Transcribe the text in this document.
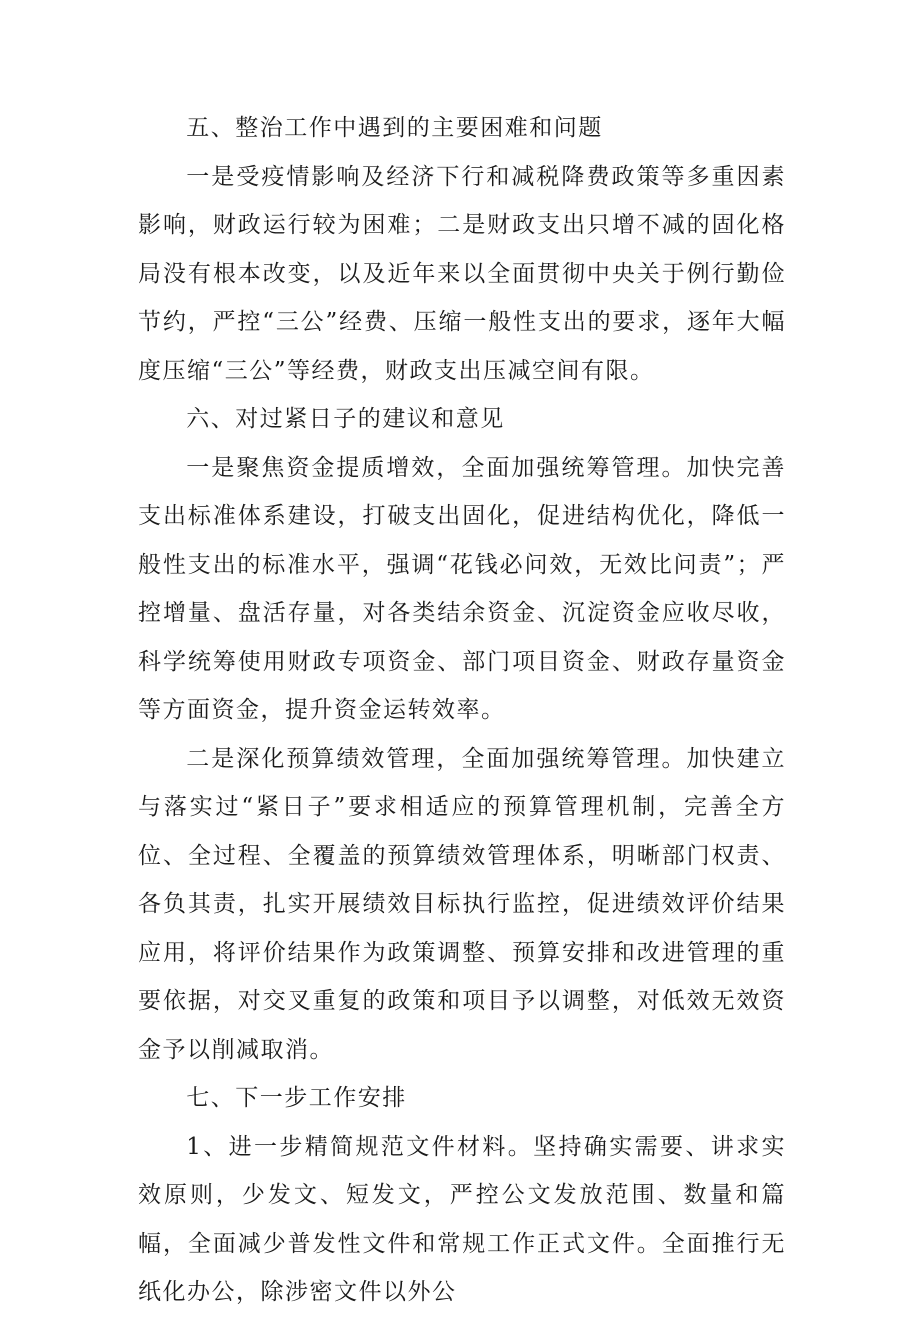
五、整治工作中遇到的主要困难和问题

一是受疫情影响及经济下行和减税降费政策等多重因素影响，财政运行较为困难；二是财政支出只增不减的固化格局没有根本改变，以及近年来以全面贯彻中央关于例行勤俭节约，严控“三公”经费、压缩一般性支出的要求，逐年大幅度压缩“三公”等经费，财政支出压减空间有限。

六、对过紧日子的建议和意见

一是聚焦资金提质增效，全面加强统筹管理。加快完善支出标准体系建设，打破支出固化，促进结构优化，降低一般性支出的标准水平，强调“花钱必问效，无效比问责”；严控增量、盘活存量，对各类结余资金、沉淀资金应收尽收，科学统筹使用财政专项资金、部门项目资金、财政存量资金等方面资金，提升资金运转效率。

二是深化预算绩效管理，全面加强统筹管理。加快建立与落实过“紧日子”要求相适应的预算管理机制，完善全方位、全过程、全覆盖的预算绩效管理体系，明晰部门权责、各负其责，扎实开展绩效目标执行监控，促进绩效评价结果应用，将评价结果作为政策调整、预算安排和改进管理的重要依据，对交叉重复的政策和项目予以调整，对低效无效资金予以削减取消。

七、下一步工作安排

1、进一步精简规范文件材料。坚持确实需要、讲求实效原则，少发文、短发文，严控公文发放范围、数量和篇幅，全面减少普发性文件和常规工作正式文件。全面推行无纸化办公，除涉密文件以外公
